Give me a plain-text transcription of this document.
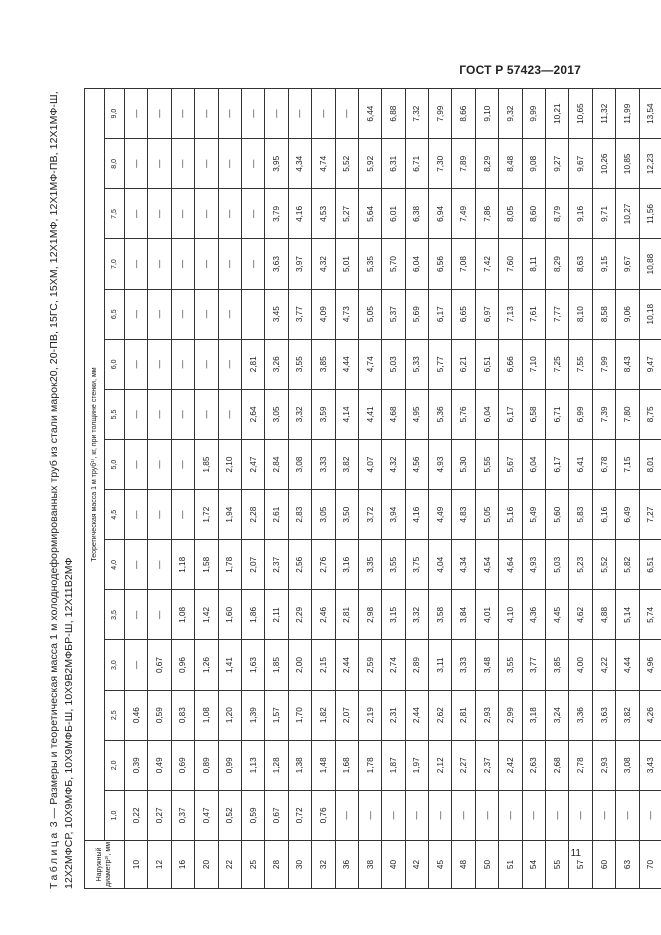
ГОСТ Р 57423—2017
Таблица 3 — Размеры и теоретическая масса 1 м холоднодеформированных труб из стали марок20, 20-ПВ, 15ГС, 15ХМ, 12Х1МФ, 12Х1МФ-ПВ, 12Х1МФ-Ш, 12Х2МФСР, 10Х9МФБ, 10Х9МФБ-Ш, 10Х9В2МФБР-Ш, 12Х11В2МФ	Наружный диаметр²⁾, мм	Теоретическая масса 1 м труб¹⁾, кг, при толщине стенки, мм														
	1,0	2,0	2,5	3,0	3,5	4,0	4,5	5,0	5,5	6,0	6,5	7,0	7,5	8,0	9,0
10	0,22	0,39	0,46	—	—	—	—	—	—	—	—	—	—	—	—
12	0,27	0,49	0,59	0,67	—	—	—	—	—	—	—	—	—	—	—
16	0,37	0,69	0,83	0,96	1,08	1,18	—	—	—	—	—	—	—	—	—
20	0,47	0,89	1,08	1,26	1,42	1,58	1,72	1,85	—	—	—	—	—	—	—
22	0,52	0,99	1,20	1,41	1,60	1,78	1,94	2,10	—	—	—	—	—	—	—
25	0,59	1,13	1,39	1,63	1,86	2,07	2,28	2,47	2,64	2,81		—	—	—	—
28	0,67	1,28	1,57	1,85	2,11	2,37	2,61	2,84	3,05	3,26	3,45	3,63	3,79	3,95	—
30	0,72	1,38	1,70	2,00	2,29	2,56	2,83	3,08	3,32	3,55	3,77	3,97	4,16	4,34	—
32	0,76	1,48	1,82	2,15	2,46	2,76	3,05	3,33	3,59	3,85	4,09	4,32	4,53	4,74	—
36	—	1,68	2,07	2,44	2,81	3,16	3,50	3,82	4,14	4,44	4,73	5,01	5,27	5,52	—
38	—	1,78	2,19	2,59	2,98	3,35	3,72	4,07	4,41	4,74	5,05	5,35	5,64	5,92	6,44
40	—	1,87	2,31	2,74	3,15	3,55	3,94	4,32	4,68	5,03	5,37	5,70	6,01	6,31	6,88
42	—	1,97	2,44	2,89	3,32	3,75	4,16	4,56	4,95	5,33	5,69	6,04	6,38	6,71	7,32
45	—	2,12	2,62	3,11	3,58	4,04	4,49	4,93	5,36	5,77	6,17	6,56	6,94	7,30	7,99
48	—	2,27	2,81	3,33	3,84	4,34	4,83	5,30	5,76	6,21	6,65	7,08	7,49	7,89	8,66
50	—	2,37	2,93	3,48	4,01	4,54	5,05	5,55	6,04	6,51	6,97	7,42	7,86	8,29	9,10
51	—	2,42	2,99	3,55	4,10	4,64	5,16	5,67	6,17	6,66	7,13	7,60	8,05	8,48	9,32
54	—	2,63	3,18	3,77	4,36	4,93	5,49	6,04	6,58	7,10	7,61	8,11	8,60	9,08	9,99
55	—	2,68	3,24	3,85	4,45	5,03	5,60	6,17	6,71	7,25	7,77	8,29	8,79	9,27	10,21
57	—	2,78	3,36	4,00	4,62	5,23	5,83	6,41	6,99	7,55	8,10	8,63	9,16	9,67	10,65
60	—	2,93	3,63	4,22	4,88	5,52	6,16	6,78	7,39	7,99	8,58	9,15	9,71	10,26	11,32
63	—	3,08	3,82	4,44	5,14	5,82	6,49	7,15	7,80	8,43	9,06	9,67	10,27	10,85	11,99
70	—	3,43	4,26	4,96	5,74	6,51	7,27	8,01	8,75	9,47	10,18	10,88	11,56	12,23	13,54
11
